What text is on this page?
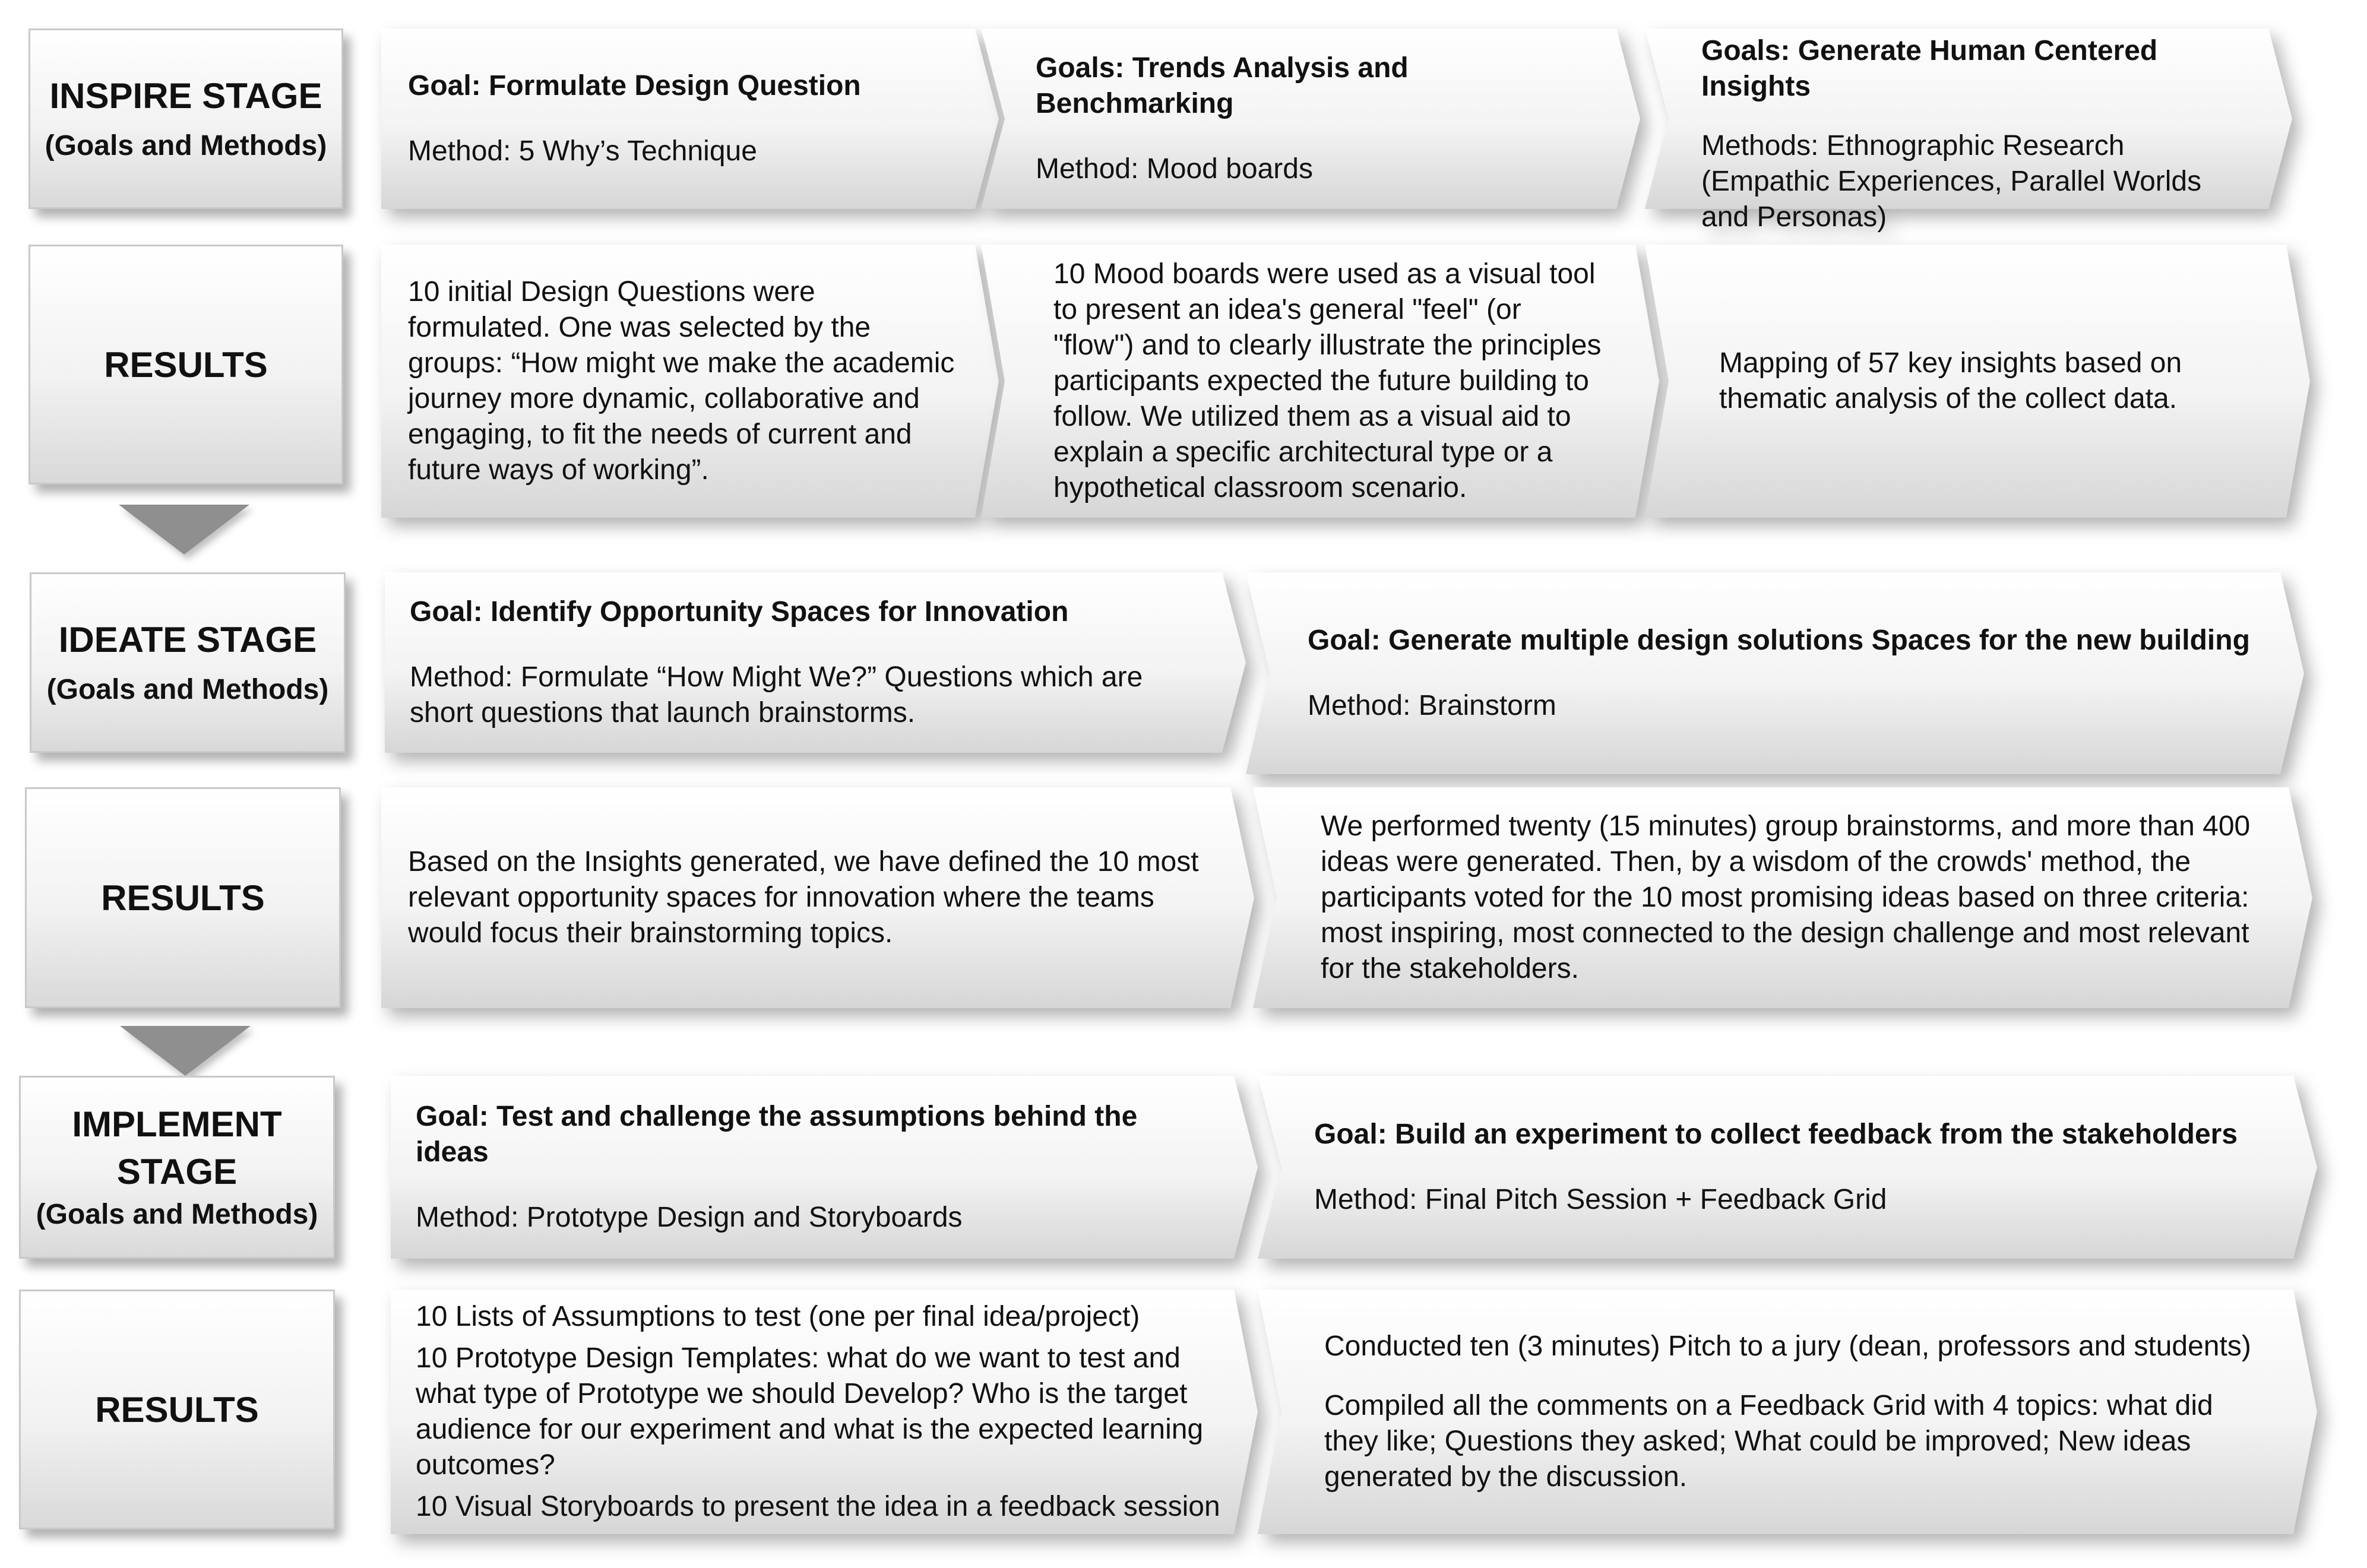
INSPIRE STAGE
(Goals and Methods)

Goal: Formulate Design Question

Method: 5 Why’s Technique

Goals: Trends Analysis and Benchmarking

Method: Mood boards

Goals: Generate Human Centered Insights

Methods: Ethnographic Research (Empathic Experiences, Parallel Worlds and Personas)

RESULTS

10 initial Design Questions were formulated. One was selected by the groups: “How might we make the academic journey more dynamic, collaborative and engaging, to fit the needs of current and future ways of working”.

10 Mood boards were used as a visual tool to present an idea's general "feel" (or "flow") and to clearly illustrate the principles participants expected the future building to follow. We utilized them as a visual aid to explain a specific architectural type or a hypothetical classroom scenario.

Mapping of 57 key insights based on thematic analysis of the collect data.

IDEATE STAGE
(Goals and Methods)

Goal: Identify Opportunity Spaces for Innovation

Method: Formulate “How Might We?” Questions which are short questions that launch brainstorms.

Goal: Generate multiple design solutions Spaces for the new building

Method: Brainstorm

RESULTS

Based on the Insights generated, we have defined the 10 most relevant opportunity spaces for innovation where the teams would focus their brainstorming topics.

We performed twenty (15 minutes) group brainstorms, and more than 400 ideas were generated. Then, by a wisdom of the crowds' method, the participants voted for the 10 most promising ideas based on three criteria: most inspiring, most connected to the design challenge and most relevant for the stakeholders.

IMPLEMENT
STAGE
(Goals and Methods)

Goal: Test and challenge the assumptions behind the ideas

Method: Prototype Design and Storyboards

Goal: Build an experiment to collect feedback from the stakeholders

Method: Final Pitch Session + Feedback Grid

RESULTS

10 Lists of Assumptions to test (one per final idea/project)

10 Prototype Design Templates: what do we want to test and what type of Prototype we should Develop? Who is the target audience for our experiment and what is the expected learning outcomes?

10 Visual Storyboards to present the idea in a feedback session

Conducted ten (3 minutes) Pitch to a jury (dean, professors and students)

Compiled all the comments on a Feedback Grid with 4 topics: what did they like; Questions they asked; What could be improved; New ideas generated by the discussion.
